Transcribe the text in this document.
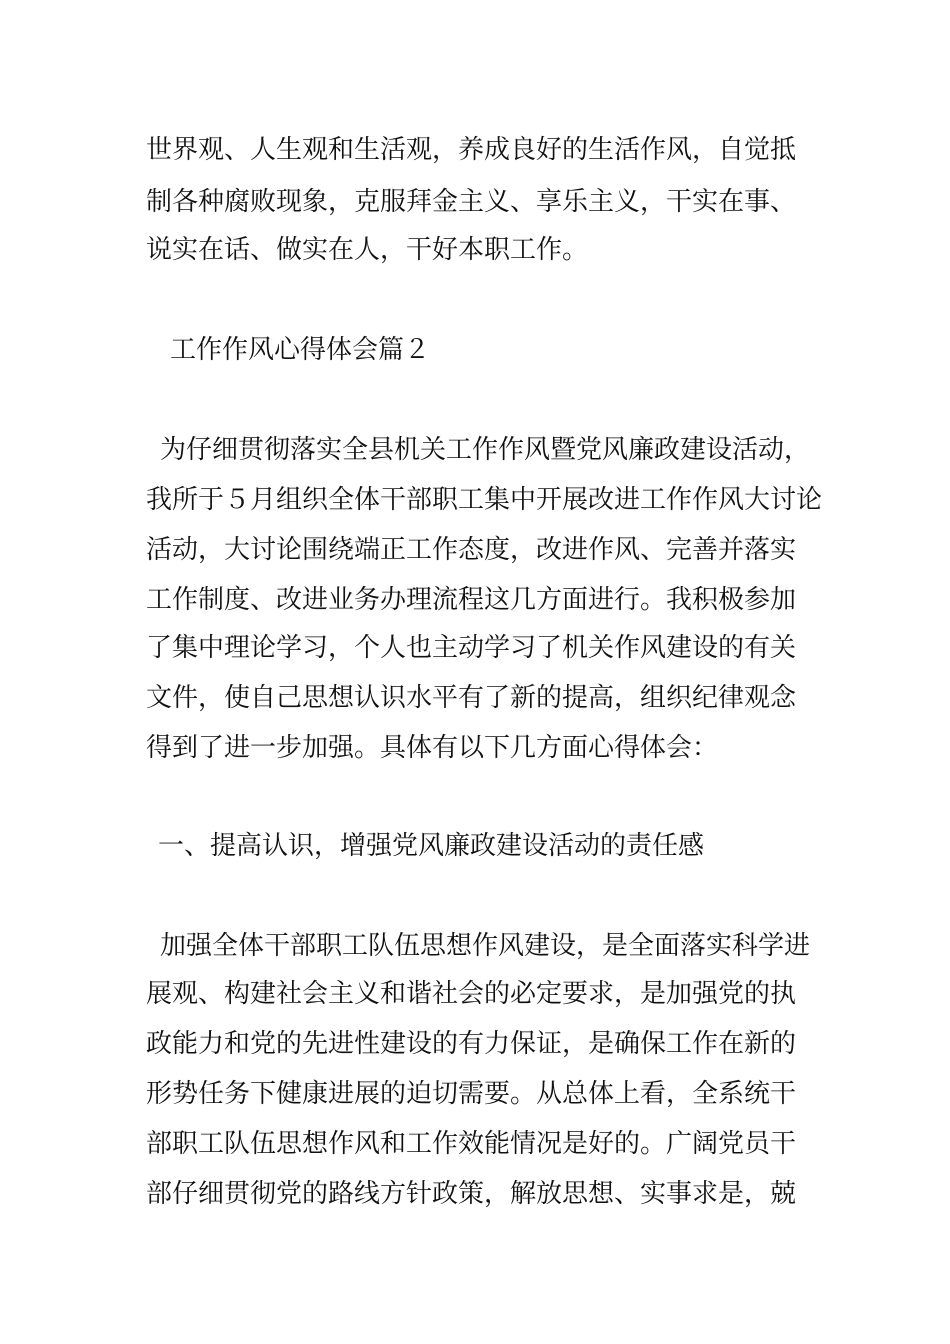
世界观、人生观和生活观，养成良好的生活作风，自觉抵

制各种腐败现象，克服拜金主义、享乐主义，干实在事、

说实在话、做实在人，干好本职工作。

工作作风心得体会篇２

为仔细贯彻落实全县机关工作作风暨党风廉政建设活动，

我所于５月组织全体干部职工集中开展改进工作作风大讨论

活动，大讨论围绕端正工作态度，改进作风、完善并落实

工作制度、改进业务办理流程这几方面进行。我积极参加

了集中理论学习，个人也主动学习了机关作风建设的有关

文件，使自己思想认识水平有了新的提高，组织纪律观念

得到了进一步加强。具体有以下几方面心得体会：

一、提高认识，增强党风廉政建设活动的责任感

加强全体干部职工队伍思想作风建设，是全面落实科学进

展观、构建社会主义和谐社会的必定要求，是加强党的执

政能力和党的先进性建设的有力保证，是确保工作在新的

形势任务下健康进展的迫切需要。从总体上看，全系统干

部职工队伍思想作风和工作效能情况是好的。广阔党员干

部仔细贯彻党的路线方针政策，解放思想、实事求是，兢
